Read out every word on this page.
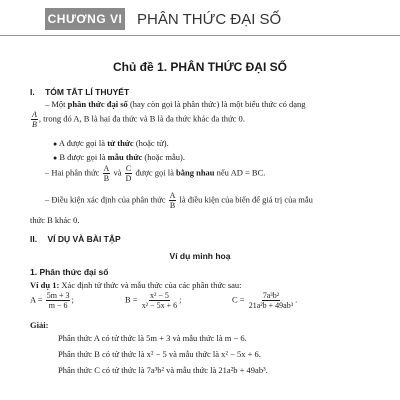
CHƯƠNG VI PHÂN THỨC ĐẠI SỐ
Chủ đề 1. PHÂN THỨC ĐẠI SỐ
I. TÓM TẮT LÍ THUYẾT
– Một phân thức đại số (hay còn gọi là phân thức) là một biểu thức có dạng
$\frac{A}{B}$ , trong đó A, B là hai đa thức và B là đa thức khác đa thức 0.
● A được gọi là tử thức (hoặc tử).
● B được gọi là mẫu thức (hoặc mẫu).
– Hai phân thức $\frac{A}{B}$ và $\frac{C}{D}$ được gọi là bằng nhau nếu AD = BC.
– Điều kiện xác định của phân thức $\frac{A}{B}$ là điều kiện của biến để giá trị của mẫu
thức B khác 0.
II. VÍ DỤ VÀ BÀI TẬP
Ví dụ minh hoạ
1. Phân thức đại số
Ví dụ 1: Xác định tử thức và mẫu thức của các phân thức sau:
$A = \frac{5m + 3}{m - 6}$ ;	$B = \frac{\text{x² − 5}}{\text{x² − 5x + 6}}$ ;	$C = \frac{\text{7a³b²}}{\text{21a²b + 49ab³}}$ .
Giải:
Phân thức A có tử thức là 5m + 3 và mẫu thức là m − 6.
Phân thức B có tử thức là x² − 5 và mẫu thức là x² − 5x + 6.
Phân thức C có tử thức là 7a³b² và mẫu thức là 21a²b + 49ab³.
